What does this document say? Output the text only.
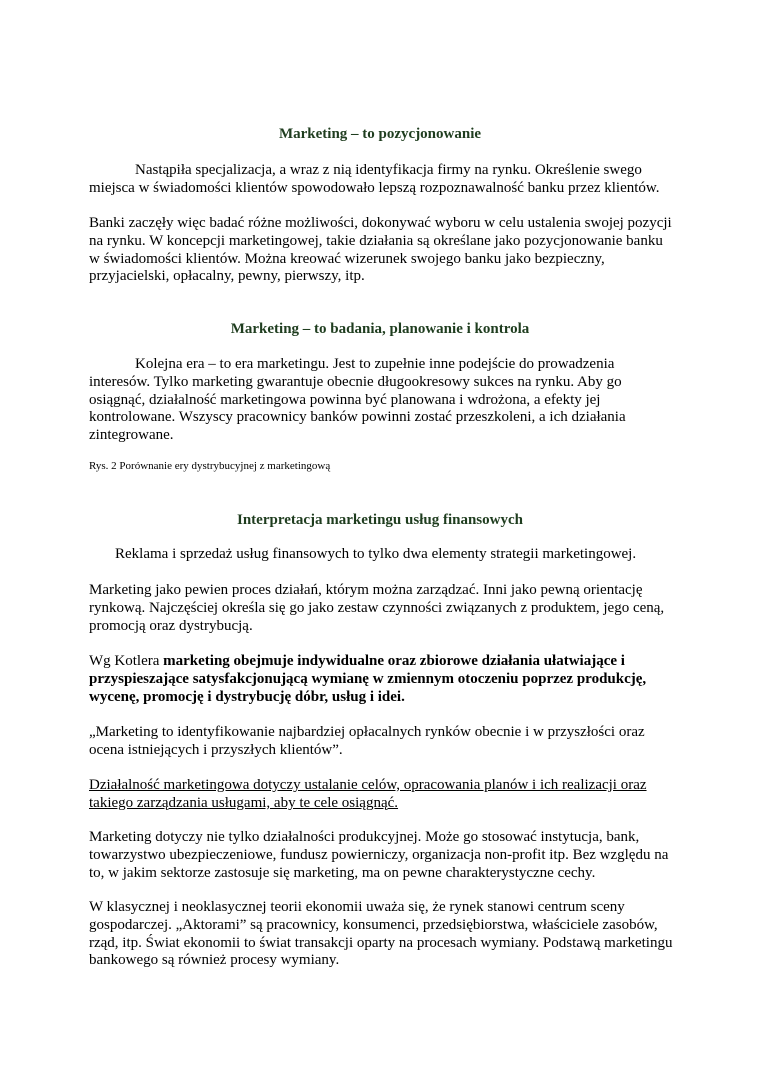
Marketing – to pozycjonowanie

Nastąpiła specjalizacja, a wraz z nią identyfikacja firmy na rynku. Określenie swego miejsca w świadomości klientów spowodowało lepszą rozpoznawalność banku przez klientów.

Banki zaczęły więc badać różne możliwości, dokonywać wyboru w celu ustalenia swojej pozycji na rynku. W koncepcji marketingowej, takie działania są określane jako pozycjonowanie banku w świadomości klientów. Można kreować wizerunek swojego banku jako bezpieczny, przyjacielski, opłacalny, pewny, pierwszy, itp.

Marketing – to badania, planowanie i kontrola

Kolejna era – to era marketingu. Jest to zupełnie inne podejście do prowadzenia interesów. Tylko marketing gwarantuje obecnie długookresowy sukces na rynku. Aby go osiągnąć, działalność marketingowa powinna być planowana i wdrożona, a efekty jej kontrolowane. Wszyscy pracownicy banków powinni zostać przeszkoleni, a ich działania zintegrowane.

Rys. 2 Porównanie ery dystrybucyjnej z marketingową

Interpretacja marketingu usług finansowych

Reklama i sprzedaż usług finansowych to tylko dwa elementy strategii marketingowej.

Marketing jako pewien proces działań, którym można zarządzać. Inni jako pewną orientację rynkową. Najczęściej określa się go jako zestaw czynności związanych z produktem, jego ceną, promocją oraz dystrybucją.

Wg Kotlera marketing obejmuje indywidualne oraz zbiorowe działania ułatwiające i przyspieszające satysfakcjonującą wymianę w zmiennym otoczeniu poprzez produkcję, wycenę, promocję i dystrybucję dóbr, usług i idei.

„Marketing to identyfikowanie najbardziej opłacalnych rynków obecnie i w przyszłości oraz ocena istniejących i przyszłych klientów”.

Działalność marketingowa dotyczy ustalanie celów, opracowania planów i ich realizacji oraz takiego zarządzania usługami, aby te cele osiągnąć.

Marketing dotyczy nie tylko działalności produkcyjnej. Może go stosować instytucja, bank, towarzystwo ubezpieczeniowe, fundusz powierniczy, organizacja non-profit itp. Bez względu na to, w jakim sektorze zastosuje się marketing, ma on pewne charakterystyczne cechy.

W klasycznej i neoklasycznej teorii ekonomii uważa się, że rynek stanowi centrum sceny gospodarczej. „Aktorami” są pracownicy, konsumenci, przedsiębiorstwa, właściciele zasobów, rząd, itp. Świat ekonomii to świat transakcji oparty na procesach wymiany. Podstawą marketingu bankowego są również procesy wymiany.
